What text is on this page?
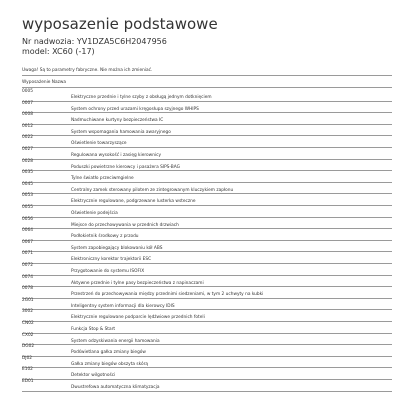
wyposazenie podstawowe
Nr nadwozia: YV1DZA5C6H2047956
model: XC60 (-17)
Uwaga! Są to parametry fabryczne. Nie można ich zmieniać.
Wyposażenie Nazwa
0005
Elektryczne przednie i tylne szyby z obsługą jednym dotknięciem
0007
System ochrony przed urazami kręgosłupa szyjnego WHIPS
0008
Nadmuchiwane kurtyny bezpieczeństwa IC
0012
System wspomagania hamowania awaryjnego
0022
Oświetlenie towarzyszące
0027
Regulowana wysokość i zasięg kierownicy
0028
Poduszki powietrzne kierowcy i pasażera SIPS-BAG
0035
Tylne światło przeciwmgielne
0045
Centralny zamek sterowany pilotem ze zintegrowanym kluczykiem zapłonu
0053
Elektrycznie regulowane, podgrzewane lusterka wsteczne
0055
Oświetlenie podejścia
0056
Miejsce do przechowywania w przednich drzwiach
0064
Podłokietnik środkowy z przodu
0067
System zapobiegający blokowaniu kół ABS
0071
Elektroniczny korektor trajektorii ESC
0072
Przygotowanie do systemu ISOFIX
0074
Aktywne przednie i tylne pasy bezpieczeństwa z napinaczami
0078
Przestrzeń do przechowywania między przednimi siedzeniami, w tym 2 uchwyty na kubki
2G01
Inteligentny system informacji dla kierowcy IDIS
3002
Elektrycznie regulowane podparcie lędźwiowe przednich foteli
CN02
Funkcja Stop & Start
CX02
System odzyskiwania energii hamowania
DG02
Podświetlana gałka zmiany biegów
DJ02
Gałka zmiany biegów obszyta skórą
E102
Detektor wilgotności
ED01
Dwustrefowa automatyczna klimatyzacja
